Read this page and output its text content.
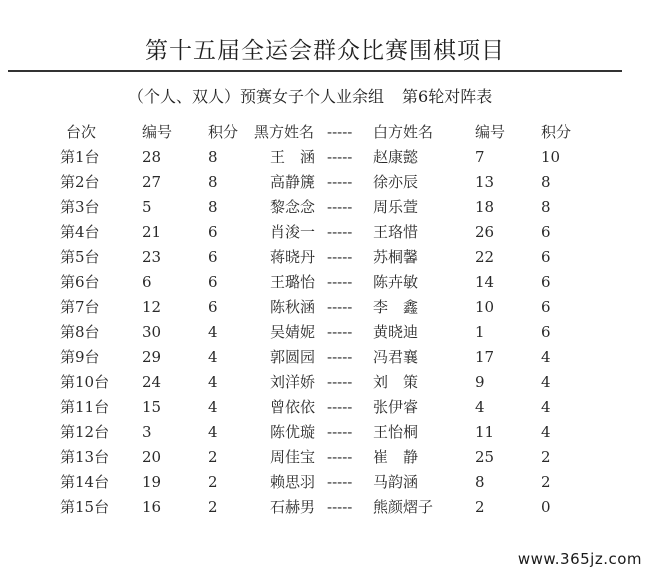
第十五届全运会群众比赛围棋项目
（个人、双人）预赛女子个人业余组 第6轮对阵表
台次	编号 积分 黑方姓名 ----- 白方姓名	编号 积分
第1台	28	8	王　涵 ----- 赵康懿	7	10
第2台	27	8	高静篪 ----- 徐亦辰	13	8
第3台	5	8	黎念念 ----- 周乐萱	18	8
第4台	21	6	肖浚一 ----- 王珞惜	26	6
第5台	23	6	蒋晓丹 ----- 苏桐馨	22	6
第6台	6	6	王璐怡 ----- 陈卉敏	14	6
第7台	12	6	陈秋涵 ----- 李　鑫	10	6
第8台	30	4	吴婧妮 ----- 黄晓迪	1	6
第9台	29	4	郭圆园 ----- 冯君襄	17	4
第10台 24	4	刘洋娇 ----- 刘　策	9	4
第11台 15	4	曾依依 ----- 张伊睿	4	4
第12台 3	4	陈优璇 ----- 王怡桐	11	4
第13台 20	2	周佳宝 ----- 崔　静	25	2
第14台 19	2	赖思羽 ----- 马韵涵	8	2
第15台 16	2	石赫男 ----- 熊颜熠子	2	0
www.365jz.com
